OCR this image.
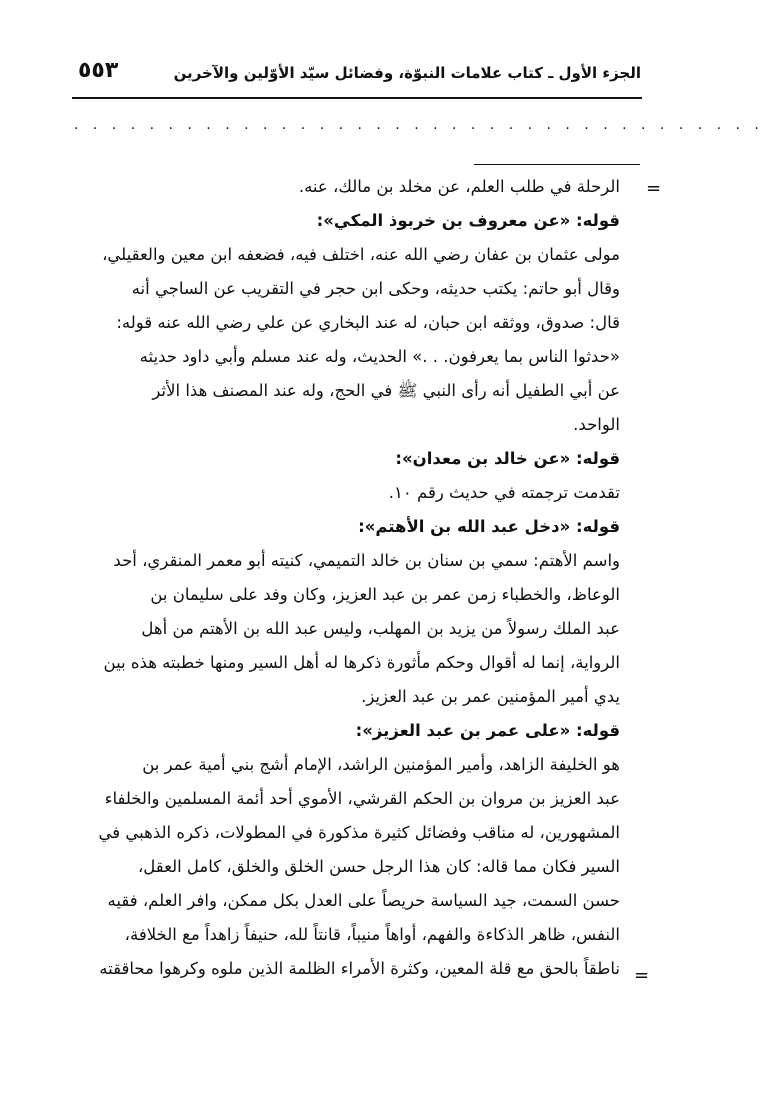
الجزء الأول ـ كتاب علامات النبوّة، وفضائل سيّد الأوّلين والآخرين
٥٥٣
. . . . . . . . . . . . . . . . . . . . . . . . . . . . . . . . . . . . .
=

الرحلة في طلب العلم، عن مخلد بن مالك، عنه.

قوله: «عن معروف بن خربوذ المكي»:

مولى عثمان بن عفان رضي الله عنه، اختلف فيه، فضعفه ابن معين والعقيلي،

وقال أبو حاتم: يكتب حديثه، وحكى ابن حجر في التقريب عن الساجي أنه

قال: صدوق، ووثقه ابن حبان، له عند البخاري عن علي رضي الله عنه قوله:

«حدثوا الناس بما يعرفون. . .» الحديث، وله عند مسلم وأبي داود حديثه

عن أبي الطفيل أنه رأى النبي ﷺ في الحج، وله عند المصنف هذا الأثر

الواحد.

قوله: «عن خالد بن معدان»:

تقدمت ترجمته في حديث رقم ١٠.

قوله: «دخل عبد الله بن الأهتم»:

واسم الأهتم: سمي بن سنان بن خالد التميمي، كنيته أبو معمر المنقري، أحد

الوعاظ، والخطباء زمن عمر بن عبد العزيز، وكان وفد على سليمان بن

عبد الملك رسولاً من يزيد بن المهلب، وليس عبد الله بن الأهتم من أهل

الرواية، إنما له أقوال وحكم مأثورة ذكرها له أهل السير ومنها خطبته هذه بين

يدي أمير المؤمنين عمر بن عبد العزيز.

قوله: «على عمر بن عبد العزيز»:

هو الخليفة الزاهد، وأمير المؤمنين الراشد، الإمام أشج بني أمية عمر بن

عبد العزيز بن مروان بن الحكم القرشي، الأموي أحد أئمة المسلمين والخلفاء

المشهورين، له مناقب وفضائل كثيرة مذكورة في المطولات، ذكره الذهبي في

السير فكان مما قاله: كان هذا الرجل حسن الخلق والخلق، كامل العقل،

حسن السمت، جيد السياسة حريصاً على العدل بكل ممكن، وافر العلم، فقيه

النفس، ظاهر الذكاءة والفهم، أواهاً منيباً، قانتاً لله، حنيفاً زاهداً مع الخلافة،

ناطقاً بالحق مع قلة المعين، وكثرة الأمراء الظلمة الذين ملوه وكرهوا محاققته =
